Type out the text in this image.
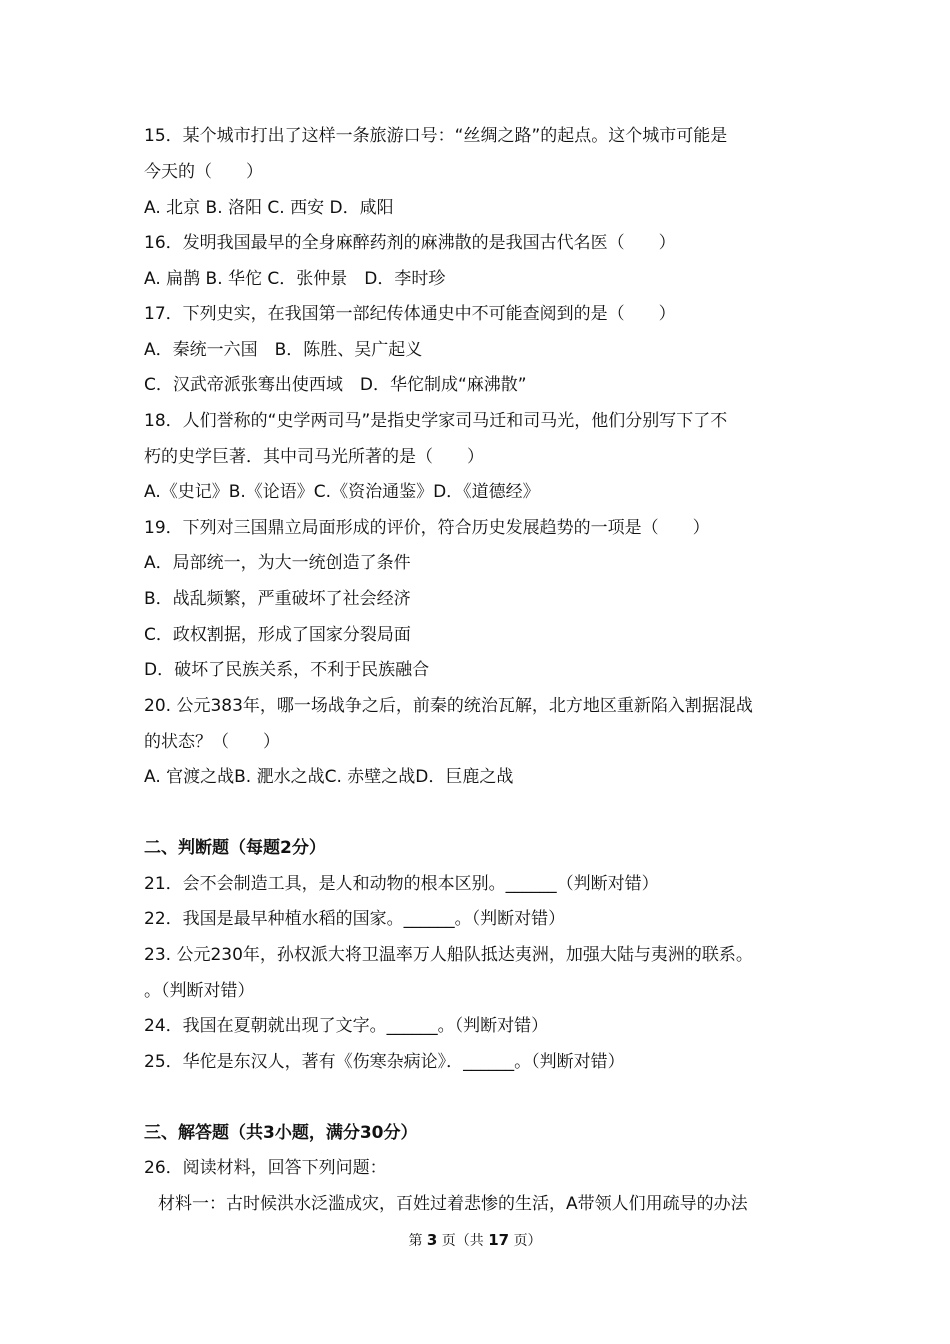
15．某个城市打出了这样一条旅游口号：“丝绸之路”的起点。这个城市可能是
今天的（　　）
A. 北京 B. 洛阳 C. 西安 D．咸阳
16．发明我国最早的全身麻醉药剂的麻沸散的是我国古代名医（　　）
A. 扁鹊 B. 华佗 C．张仲景　D．李时珍
17．下列史实，在我国第一部纪传体通史中不可能查阅到的是（　　）
A．秦统一六国　B．陈胜、吴广起义
C．汉武帝派张骞出使西域　D．华佗制成“麻沸散”
18．人们誉称的“史学两司马”是指史学家司马迁和司马光，他们分别写下了不
朽的史学巨著．其中司马光所著的是（　　）
A.《史记》B.《论语》C.《资治通鉴》D．《道德经》
19．下列对三国鼎立局面形成的评价，符合历史发展趋势的一项是（　　）
A．局部统一，为大一统创造了条件
B．战乱频繁，严重破坏了社会经济
C．政权割据，形成了国家分裂局面
D．破坏了民族关系，不利于民族融合
20. 公元383年，哪一场战争之后，前秦的统治瓦解，北方地区重新陷入割据混战
的状态？（　　）
A. 官渡之战B. 淝水之战C. 赤壁之战D．巨鹿之战
二、判断题（每题2分）
21．会不会制造工具，是人和动物的根本区别。______（判断对错）
22．我国是最早种植水稻的国家。______。（判断对错）
23. 公元230年，孙权派大将卫温率万人船队抵达夷洲，加强大陆与夷洲的联系。
。（判断对错）
24．我国在夏朝就出现了文字。______。（判断对错）
25．华佗是东汉人，著有《伤寒杂病论》．______。（判断对错）
三、解答题（共3小题，满分30分）
26．阅读材料，回答下列问题：
材料一：古时候洪水泛滥成灾，百姓过着悲惨的生活，A带领人们用疏导的办法
第 3 页（共 17 页）
